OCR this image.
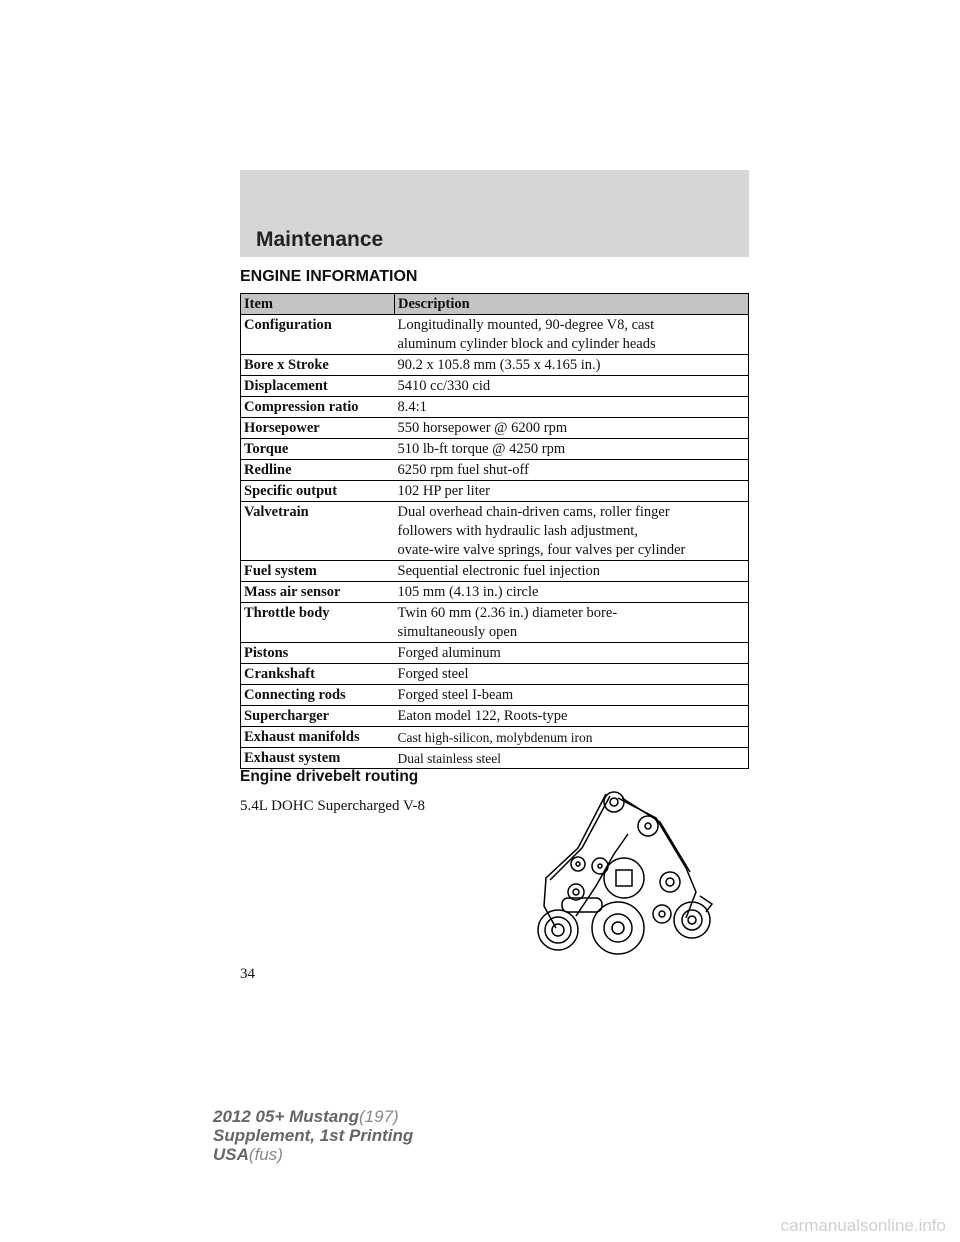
Maintenance
ENGINE INFORMATION
Item	Description
Configuration	Longitudinally mounted, 90-degree V8, cast
aluminum cylinder block and cylinder heads

Bore x Stroke	90.2 x 105.8 mm (3.55 x 4.165 in.)

Displacement	5410 cc/330 cid

Compression ratio	8.4:1

Horsepower	550 horsepower @ 6200 rpm

Torque	510 lb-ft torque @ 4250 rpm

Redline	6250 rpm fuel shut-off

Specific output	102 HP per liter

Valvetrain	Dual overhead chain-driven cams, roller finger
followers with hydraulic lash adjustment,
ovate-wire valve springs, four valves per cylinder

Fuel system	Sequential electronic fuel injection

Mass air sensor	105 mm (4.13 in.) circle

Throttle body	Twin 60 mm (2.36 in.) diameter bore-
simultaneously open

Pistons	Forged aluminum

Crankshaft	Forged steel

Connecting rods	Forged steel I-beam

Supercharger	Eaton model 122, Roots-type

Exhaust manifolds	Cast high-silicon, molybdenum iron

Exhaust system	Dual stainless steel
Engine drivebelt routing
5.4L DOHC Supercharged V-8
34
2012 05+ Mustang(197)
Supplement, 1st Printing
USA(fus)
carmanualsonline.info
